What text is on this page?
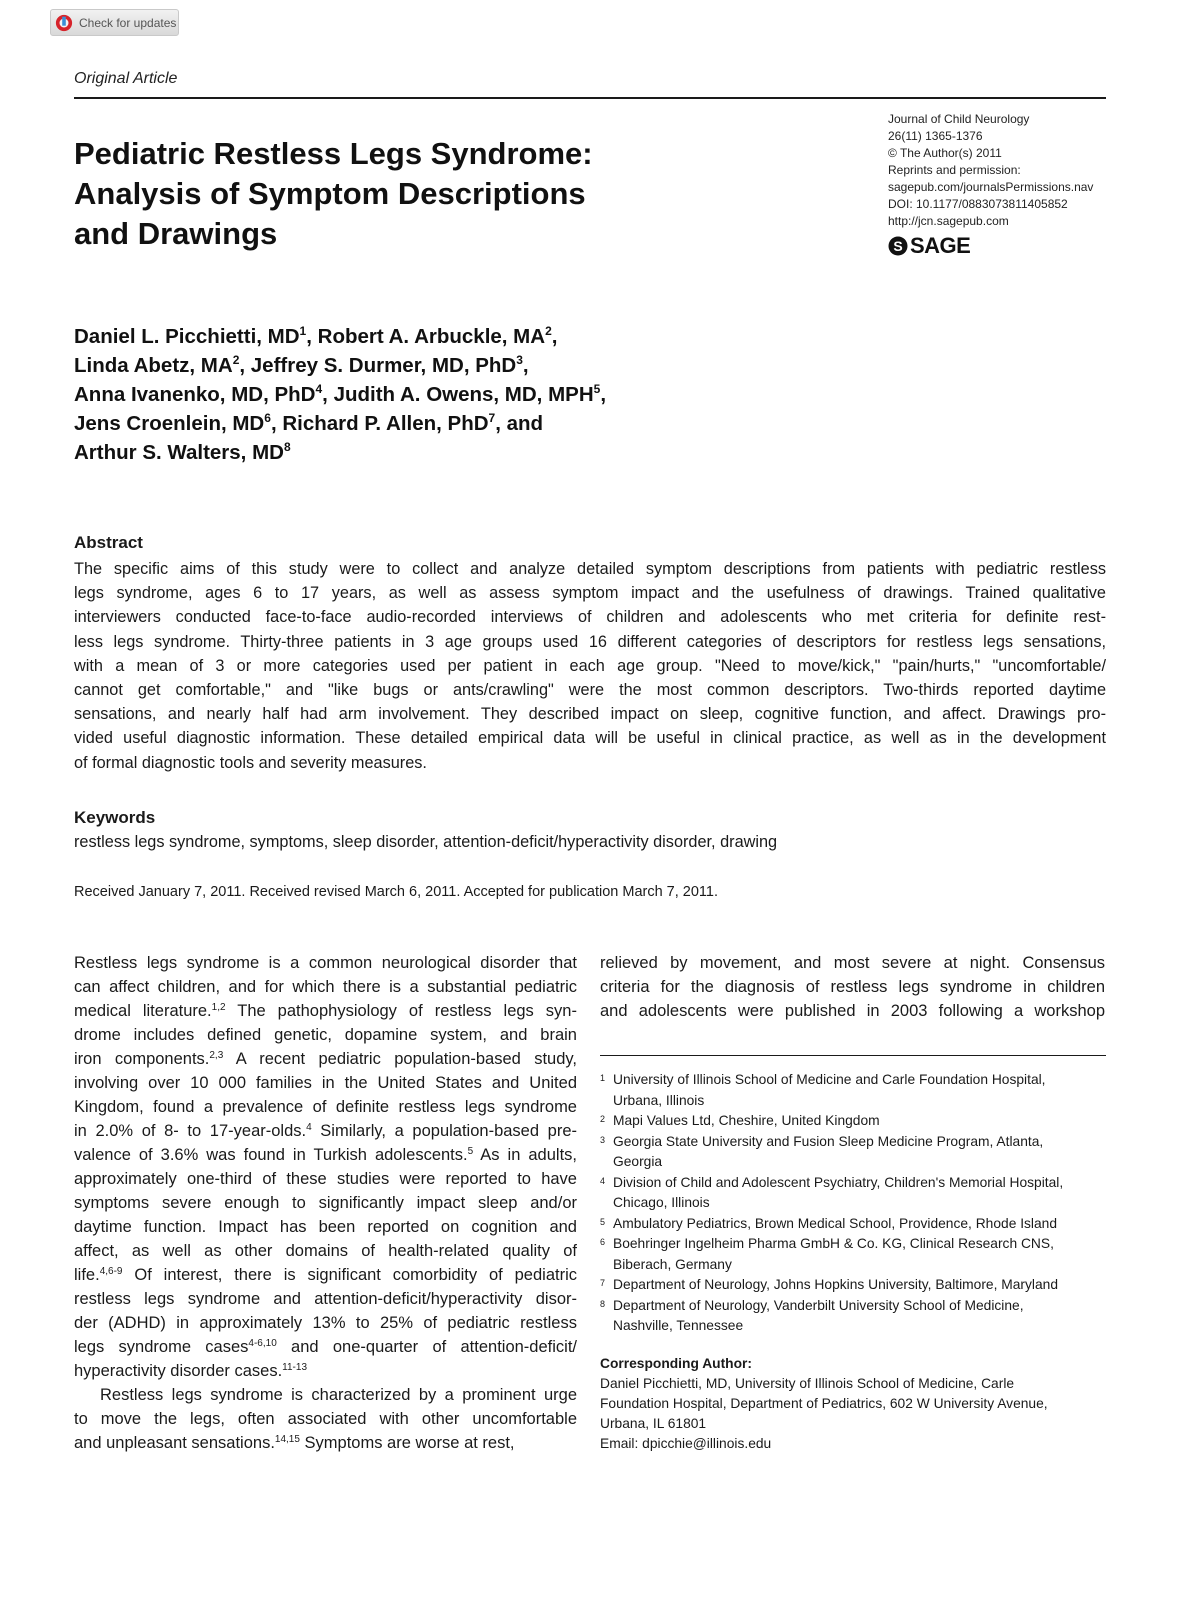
Check for updates
Original Article
Journal of Child Neurology
26(11) 1365-1376
© The Author(s) 2011
Reprints and permission:
sagepub.com/journalsPermissions.nav
DOI: 10.1177/0883073811405852
http://jcn.sagepub.com
S SAGE
Pediatric Restless Legs Syndrome:
Analysis of Symptom Descriptions
and Drawings
Daniel L. Picchietti, $MD^1$, Robert A. Arbuckle, $MA^2$,
Linda Abetz, $MA^2$, Jeffrey S. Durmer, MD, PhD$^3$,
Anna Ivanenko, MD, PhD$^4$, Judith A. Owens, MD, MPH$^5$,
Jens Croenlein, $MD^6$, Richard P. Allen, PhD$^7$, and
Arthur S. Walters, $MD^8$
Abstract
The specific aims of this study were to collect and analyze detailed symptom descriptions from patients with pediatric restless
legs syndrome, ages 6 to 17 years, as well as assess symptom impact and the usefulness of drawings. Trained qualitative
interviewers conducted face-to-face audio-recorded interviews of children and adolescents who met criteria for definite rest-
less legs syndrome. Thirty-three patients in 3 age groups used 16 different categories of descriptors for restless legs sensations,
with a mean of 3 or more categories used per patient in each age group. "Need to move/kick," "pain/hurts," "uncomfortable/
cannot get comfortable," and "like bugs or ants/crawling" were the most common descriptors. Two-thirds reported daytime
sensations, and nearly half had arm involvement. They described impact on sleep, cognitive function, and affect. Drawings pro-
vided useful diagnostic information. These detailed empirical data will be useful in clinical practice, as well as in the development
of formal diagnostic tools and severity measures.
Keywords
restless legs syndrome, symptoms, sleep disorder, attention-deficit/hyperactivity disorder, drawing
Received January 7, 2011. Received revised March 6, 2011. Accepted for publication March 7, 2011.
Restless legs syndrome is a common neurological disorder that
can affect children, and for which there is a substantial pediatric
medical literature.$^{1,2}$ The pathophysiology of restless legs syn-
drome includes defined genetic, dopamine system, and brain
iron components.$^{2,3}$ A recent pediatric population-based study,
involving over 10 000 families in the United States and United
Kingdom, found a prevalence of definite restless legs syndrome
in 2.0% of 8- to 17-year-olds.$^4$ Similarly, a population-based pre-
valence of 3.6% was found in Turkish adolescents.$^5$ As in adults,
approximately one-third of these studies were reported to have
symptoms severe enough to significantly impact sleep and/or
daytime function. Impact has been reported on cognition and
affect, as well as other domains of health-related quality of
life.$^{4,6-9}$ Of interest, there is significant comorbidity of pediatric
restless legs syndrome and attention-deficit/hyperactivity disor-
der (ADHD) in approximately 13% to 25% of pediatric restless
legs syndrome cases$^{4-6,10}$ and one-quarter of attention-deficit/
hyperactivity disorder cases.$^{11-13}$
Restless legs syndrome is characterized by a prominent urge
to move the legs, often associated with other uncomfortable
and unpleasant sensations.$^{14,15}$ Symptoms are worse at rest,
relieved by movement, and most severe at night. Consensus
criteria for the diagnosis of restless legs syndrome in children
and adolescents were published in 2003 following a workshop
1 University of Illinois School of Medicine and Carle Foundation Hospital,
Urbana, Illinois
2 Mapi Values Ltd, Cheshire, United Kingdom
3 Georgia State University and Fusion Sleep Medicine Program, Atlanta,
Georgia
4 Division of Child and Adolescent Psychiatry, Children's Memorial Hospital,
Chicago, Illinois
5 Ambulatory Pediatrics, Brown Medical School, Providence, Rhode Island
6 Boehringer Ingelheim Pharma GmbH & Co. KG, Clinical Research CNS,
Biberach, Germany
7 Department of Neurology, Johns Hopkins University, Baltimore, Maryland
8 Department of Neurology, Vanderbilt University School of Medicine,
Nashville, Tennessee
Corresponding Author:
Daniel Picchietti, MD, University of Illinois School of Medicine, Carle
Foundation Hospital, Department of Pediatrics, 602 W University Avenue,
Urbana, IL 61801
Email: dpicchie@illinois.edu
